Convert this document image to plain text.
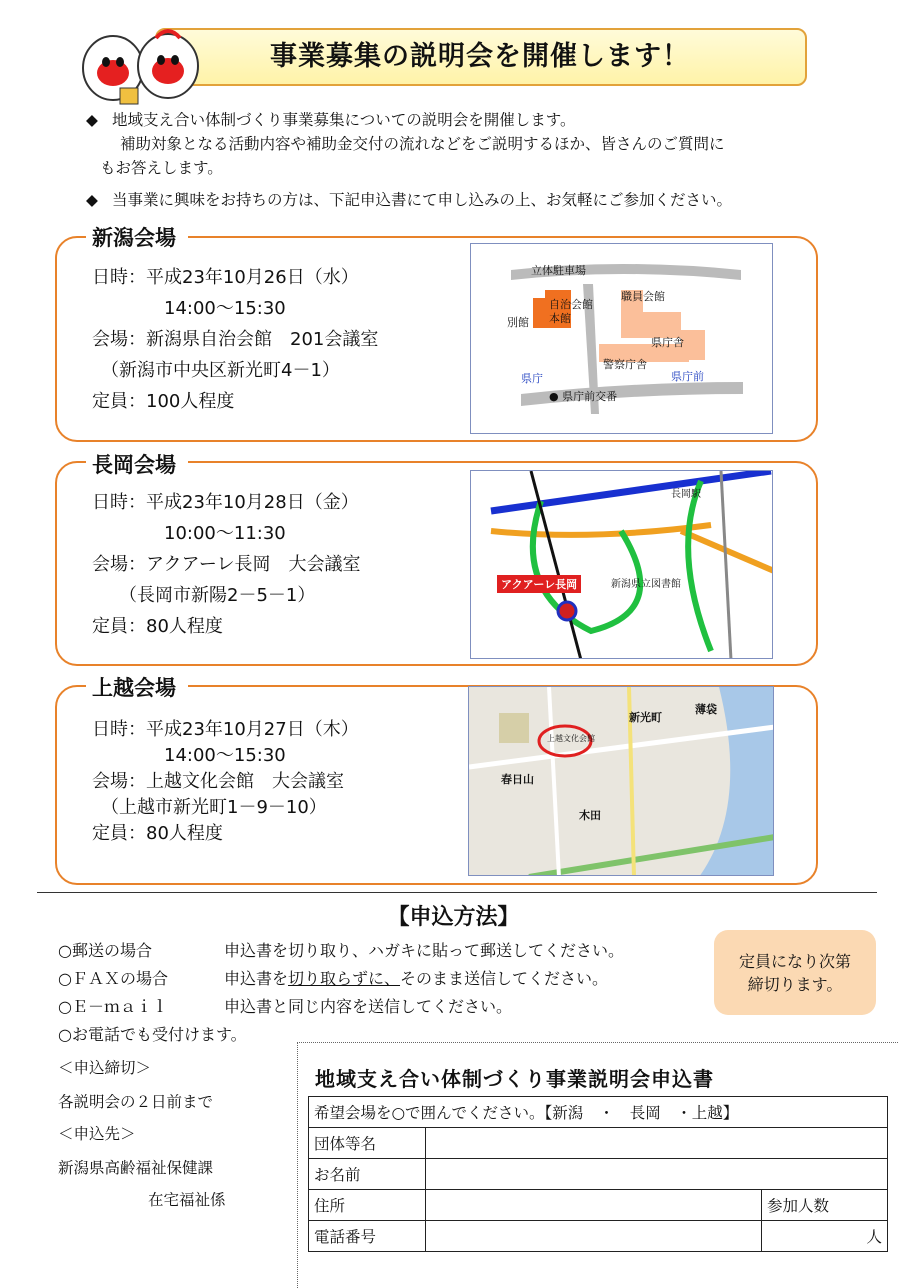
事業募集の説明会を開催します！
◆ 地域支え合い体制づくり事業募集についての説明会を開催します。
補助対象となる活動内容や補助金交付の流れなどをご説明するほか、皆さんのご質問に
もお答えします。
◆ 当事業に興味をお持ちの方は、下記申込書にて申し込みの上、お気軽にご参加ください。
新潟会場
日時：平成23年10月26日（水）
　　　　14:00～15:30
会場：新潟県自治会館　201会議室
　（新潟市中央区新光町4－1）
定員：100人程度
立体駐車場
自治会館
本館
別館
職員会館
県庁舎
警察庁舎
県庁	県庁前
● 県庁前交番
長岡会場
日時：平成23年10月28日（金）
　　　　10:00～11:30
会場：アクアーレ長岡　大会議室
　　（長岡市新陽2－5－1）
定員：80人程度
アクアーレ長岡
長岡駅
新潟県立図書館
上越会場
日時：平成23年10月27日（木）
　　　　14:00～15:30
会場：上越文化会館　大会議室
　（上越市新光町1－9－10）
定員：80人程度
新光町
薄袋
春日山
木田
上越文化会館
【申込方法】
○郵送の場合	申込書を切り取り、ハガキに貼って郵送してください。
○ＦＡＸの場合	申込書を切り取らずに、そのまま送信してください。
○Ｅ－ｍａｉｌ	申込書と同じ内容を送信してください。
○お電話でも受付けます。
定員になり次第
締切ります。
＜申込締切＞
各説明会の２日前まで
＜申込先＞
新潟県高齢福祉保健課
在宅福祉係
地域支え合い体制づくり事業説明会申込書
希望会場を○で囲んでください。【新潟　・　長岡　・上越】		
団体等名		
お名前		
住所		参加人数
電話番号		人
